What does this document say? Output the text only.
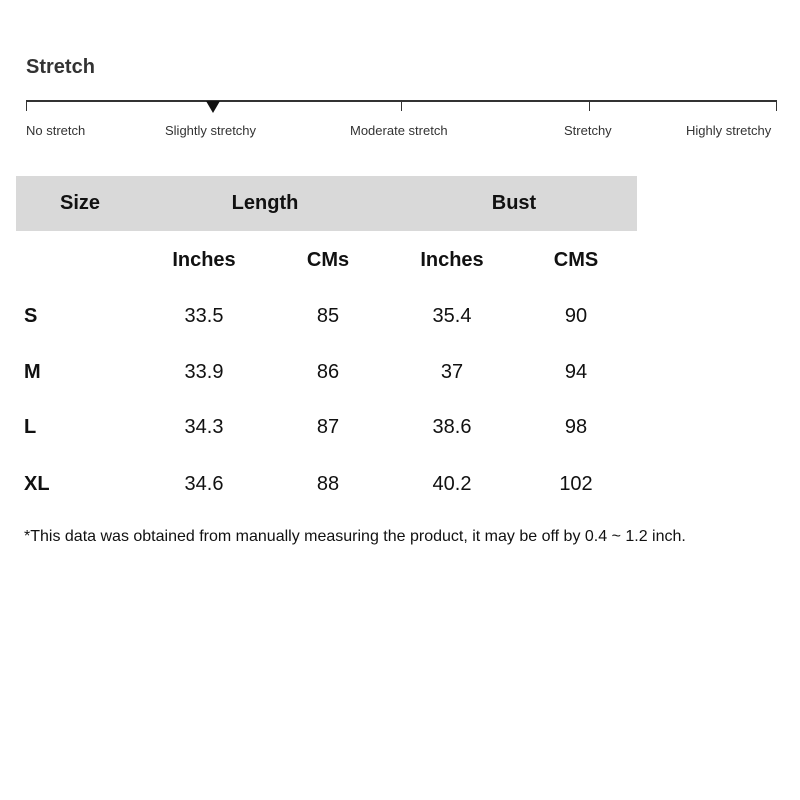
Stretch
No stretch	Slightly stretchy	Moderate stretch	Stretchy	Highly stretchy
Size	Length	Bust
Inches	CMs	Inches	CMS
S	33.5	85	35.4	90
M	33.9	86	37	94
L	34.3	87	38.6	98
XL	34.6	88	40.2	102
*This data was obtained from manually measuring the product, it may be off by 0.4 ~ 1.2 inch.
